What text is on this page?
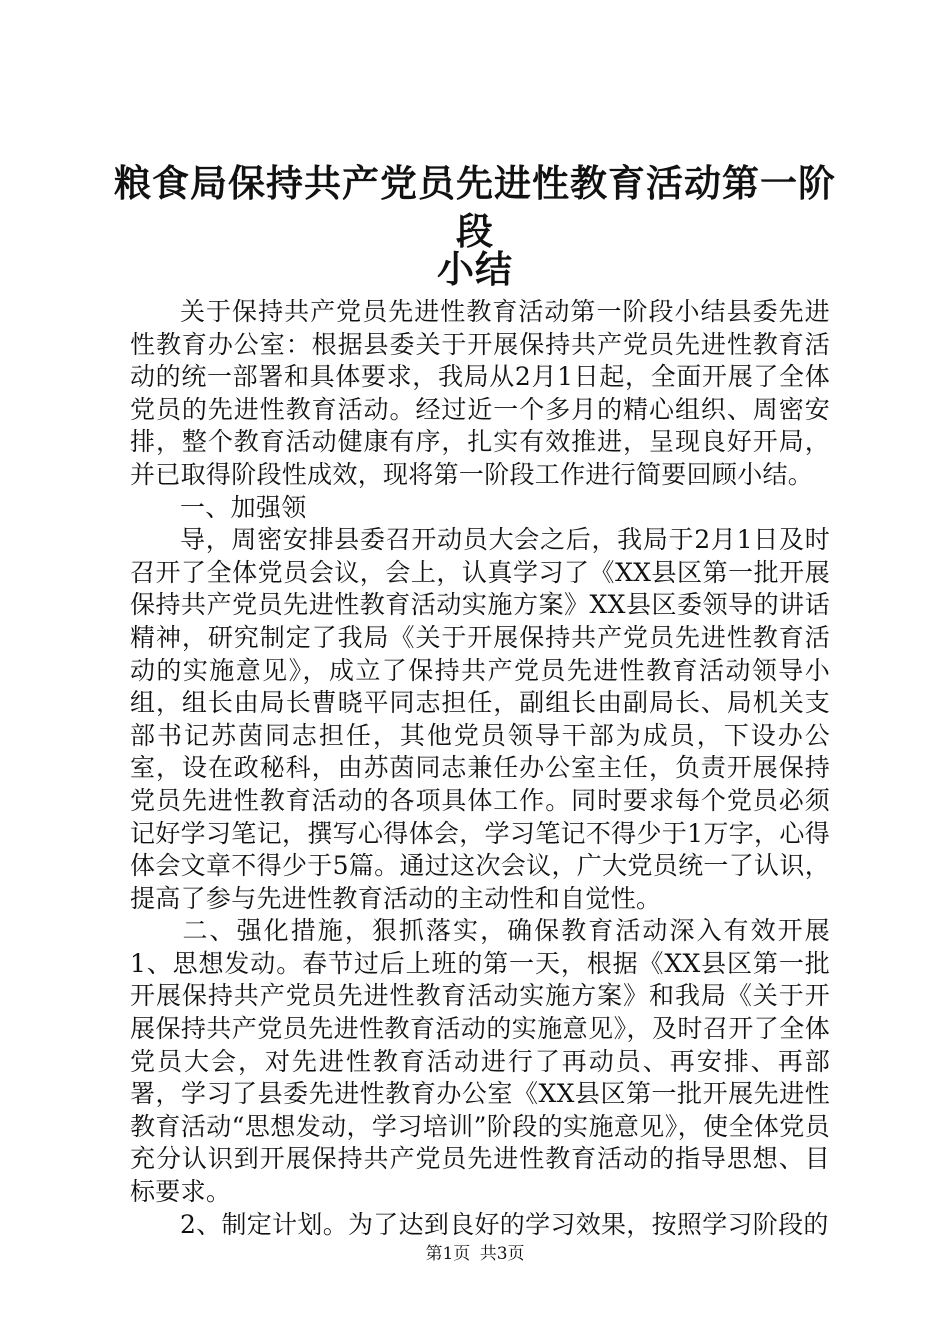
粮食局保持共产党员先进性教育活动第一阶段
小结

关于保持共产党员先进性教育活动第一阶段小结县委先进性教育办公室：根据县委关于开展保持共产党员先进性教育活动的统一部署和具体要求，我局从2月1日起，全面开展了全体党员的先进性教育活动。经过近一个多月的精心组织、周密安排，整个教育活动健康有序，扎实有效推进，呈现良好开局，并已取得阶段性成效，现将第一阶段工作进行简要回顾小结。

一、加强领

导，周密安排县委召开动员大会之后，我局于2月1日及时召开了全体党员会议，会上，认真学习了《XX县区第一批开展保持共产党员先进性教育活动实施方案》XX县区委领导的讲话精神，研究制定了我局《关于开展保持共产党员先进性教育活动的实施意见》，成立了保持共产党员先进性教育活动领导小组，组长由局长曹晓平同志担任，副组长由副局长、局机关支部书记苏茵同志担任，其他党员领导干部为成员，下设办公室，设在政秘科，由苏茵同志兼任办公室主任，负责开展保持党员先进性教育活动的各项具体工作。同时要求每个党员必须记好学习笔记，撰写心得体会，学习笔记不得少于1万字，心得体会文章不得少于5篇。通过这次会议，广大党员统一了认识，提高了参与先进性教育活动的主动性和自觉性。

二、强化措施，狠抓落实，确保教育活动深入有效开展1、思想发动。春节过后上班的第一天，根据《XX县区第一批开展保持共产党员先进性教育活动实施方案》和我局《关于开展保持共产党员先进性教育活动的实施意见》，及时召开了全体党员大会，对先进性教育活动进行了再动员、再安排、再部署，学习了县委先进性教育办公室《XX县区第一批开展先进性教育活动“思想发动，学习培训”阶段的实施意见》，使全体党员充分认识到开展保持共产党员先进性教育活动的指导思想、目标要求。

2、制定计划。为了达到良好的学习效果，按照学习阶段的

第1页 共3页
